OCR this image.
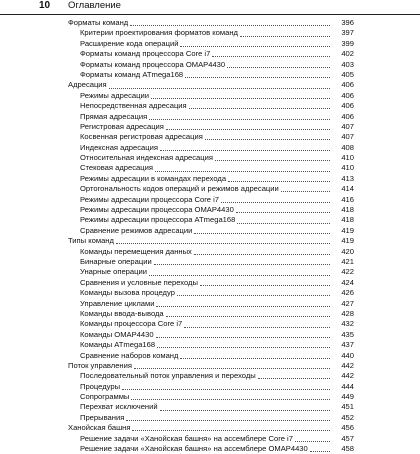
10 Оглавление
Форматы команд	396
Критерии проектирования форматов команд	397
Расширение кода операций	399
Форматы команд процессора Core i7	402
Форматы команд процессора OMAP4430	403
Форматы команд ATmega168	405
Адресация	406
Режимы адресации	406
Непосредственная адресация	406
Прямая адресация	406
Регистровая адресация	407
Косвенная регистровая адресация	407
Индексная адресация	408
Относительная индексная адресация	410
Стековая адресация	410
Режимы адресации в командах перехода	413
Ортогональность кодов операций и режимов адресации	414
Режимы адресации процессора Core i7	416
Режимы адресации процессора OMAP4430	418
Режимы адресации процессора ATmega168	418
Сравнение режимов адресации	419
Типы команд	419
Команды перемещения данных	420
Бинарные операции	421
Унарные операции	422
Сравнения и условные переходы	424
Команды вызова процедур	426
Управление циклами	427
Команды ввода-вывода	428
Команды процессора Core i7	432
Команды OMAP4430	435
Команды ATmega168	437
Сравнение наборов команд	440
Поток управления	442
Последовательный поток управления и переходы	442
Процедуры	444
Сопрограммы	449
Перехват исключений	451
Прерывания	452
Ханойская башня	456
Решение задачи «Ханойская башня» на ассемблере Core i7	457
Решение задачи «Ханойская башня» на ассемблере OMAP4430	458
